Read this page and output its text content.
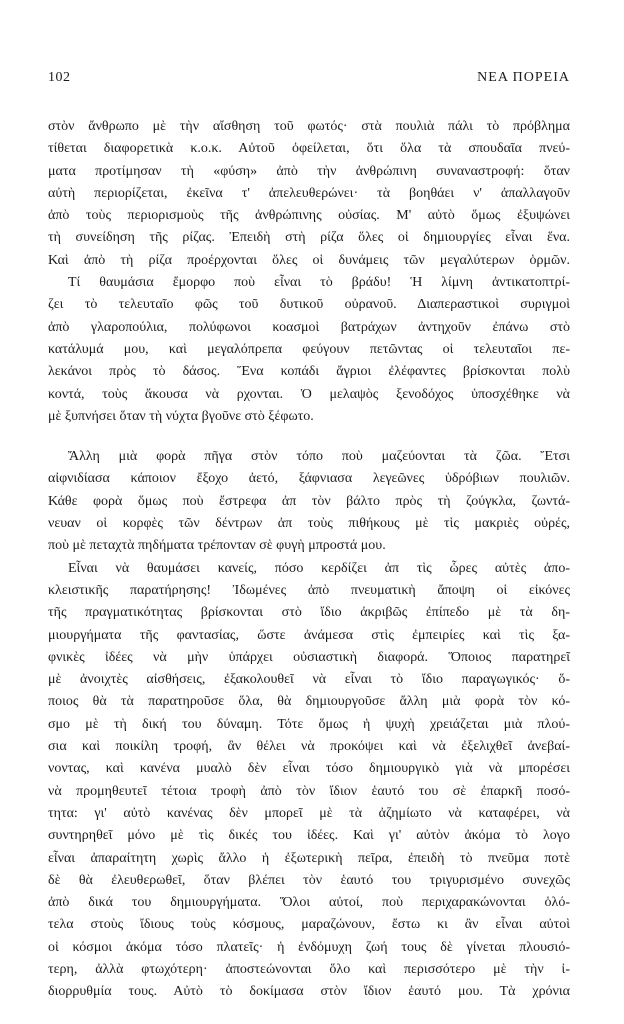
102	ΝΕΑ ΠΟΡΕΙΑ
στὸν ἄνθρωπο μὲ τὴν αἴσθηση τοῦ φωτός· στὰ πουλιὰ πάλι τὸ πρόβλημα
τίθεται διαφορετικὰ κ.ο.κ. Αὐτοῦ ὀφείλεται, ὅτι ὅλα τὰ σπουδαῖα πνεύ-
ματα προτίμησαν τὴ «φύση» ἀπὸ τὴν ἀνθρώπινη συναναστροφή: ὅταν
αὐτὴ περιορίζεται, ἐκεῖνα τ' ἀπελευθερώνει· τὰ βοηθάει ν' ἀπαλλαγοῦν
ἀπὸ τοὺς περιορισμοὺς τῆς ἀνθρώπινης οὐσίας. Μ' αὐτὸ ὅμως ἐξυψώνει
τὴ συνείδηση τῆς ρίζας. Ἐπειδὴ στὴ ρίζα ὅλες οἱ δημιουργίες εἶναι ἕνα.
Καὶ ἀπὸ τὴ ρίζα προέρχονται ὅλες οἱ δυνάμεις τῶν μεγαλύτερων ὁρμῶν.
Τί θαυμάσια ἔμορφο ποὺ εἶναι τὸ βράδυ! Ἡ λίμνη ἀντικατοπτρί-
ζει τὸ τελευταῖο φῶς τοῦ δυτικοῦ οὐρανοῦ. Διαπεραστικοὶ συριγμοὶ
ἀπὸ γλαροπούλια, πολύφωνοι κοασμοὶ βατράχων ἀντηχοῦν ἐπάνω στὸ
κατάλυμά μου, καὶ μεγαλόπρεπα φεύγουν πετῶντας οἱ τελευταῖοι πε-
λεκάνοι πρὸς τὸ δάσος. Ἕνα κοπάδι ἄγριοι ἐλέφαντες βρίσκονται πολὺ
κοντά, τοὺς ἄκουσα νὰ ρχονται. Ὁ μελαψὸς ξενοδόχος ὑποσχέθηκε νὰ
μὲ ξυπνήσει ὅταν τὴ νύχτα βγοῦνε στὸ ξέφωτο.
Ἄλλη μιὰ φορὰ πῆγα στὸν τόπο ποὺ μαζεύονται τὰ ζῶα. Ἔτσι
αἰφνιδίασα κάποιον ἔξοχο ἀετό, ξάφνιασα λεγεῶνες ὑδρόβιων πουλιῶν.
Κάθε φορὰ ὅμως ποὺ ἔστρεφα ἀπ τὸν βάλτο πρὸς τὴ ζούγκλα, ζωντά-
νευαν οἱ κορφὲς τῶν δέντρων ἀπ τοὺς πιθήκους μὲ τὶς μακριὲς οὐρές,
ποὺ μὲ πεταχτὰ πηδήματα τρέπονταν σὲ φυγὴ μπροστά μου.
Εἶναι νὰ θαυμάσει κανείς, πόσο κερδίζει ἀπ τὶς ὧρες αὐτὲς ἀπο-
κλειστικῆς παρατήρησης! Ἰδωμένες ἀπὸ πνευματικὴ ἄποψη οἱ εἰκόνες
τῆς πραγματικότητας βρίσκονται στὸ ἴδιο ἀκριβῶς ἐπίπεδο μὲ τὰ δη-
μιουργήματα τῆς φαντασίας, ὥστε ἀνάμεσα στὶς ἐμπειρίες καὶ τὶς ξα-
φνικὲς ἰδέες νὰ μὴν ὑπάρχει οὐσιαστικὴ διαφορά. Ὅποιος παρατηρεῖ
μὲ ἀνοιχτὲς αἰσθήσεις, ἐξακολουθεῖ νὰ εἶναι τὸ ἴδιο παραγωγικός· ὅ-
ποιος θὰ τὰ παρατηροῦσε ὅλα, θὰ δημιουργοῦσε ἄλλη μιὰ φορὰ τὸν κό-
σμο μὲ τὴ δική του δύναμη. Τότε ὅμως ἡ ψυχὴ χρειάζεται μιὰ πλού-
σια καὶ ποικίλη τροφή, ἂν θέλει νὰ προκόψει καὶ νὰ ἐξελιχθεῖ ἀνεβαί-
νοντας, καὶ κανένα μυαλὸ δὲν εἶναι τόσο δημιουργικὸ γιὰ νὰ μπορέσει
νὰ προμηθευτεῖ τέτοια τροφὴ ἀπὸ τὸν ἴδιον ἑαυτό του σὲ ἐπαρκῆ ποσό-
τητα: γι' αὐτὸ κανένας δὲν μπορεῖ μὲ τὰ ἀζημίωτο νὰ καταφέρει, νὰ
συντηρηθεῖ μόνο μὲ τὶς δικές του ἰδέες. Καὶ γι' αὐτὸν ἀκόμα τὸ λογο
εἶναι ἀπαραίτητη χωρὶς ἄλλο ἡ ἐξωτερικὴ πεῖρα, ἐπειδὴ τὸ πνεῦμα ποτὲ
δὲ θὰ ἐλευθερωθεῖ, ὅταν βλέπει τὸν ἑαυτό του τριγυρισμένο συνεχῶς
ἀπὸ δικά του δημιουργήματα. Ὅλοι αὐτοί, ποὺ περιχαρακώνονται ὁλό-
τελα στοὺς ἴδιους τοὺς κόσμους, μαραζώνουν, ἔστω κι ἂν εἶναι αὐτοὶ
οἱ κόσμοι ἀκόμα τόσο πλατεῖς· ἡ ἐνδόμυχη ζωή τους δὲ γίνεται πλουσιό-
τερη, ἀλλὰ φτωχότερη· ἀποστεώνονται ὅλο καὶ περισσότερο μὲ τὴν ἰ-
διορρυθμία τους. Αὐτὸ τὸ δοκίμασα στὸν ἴδιον ἑαυτό μου. Τὰ χρόνια
